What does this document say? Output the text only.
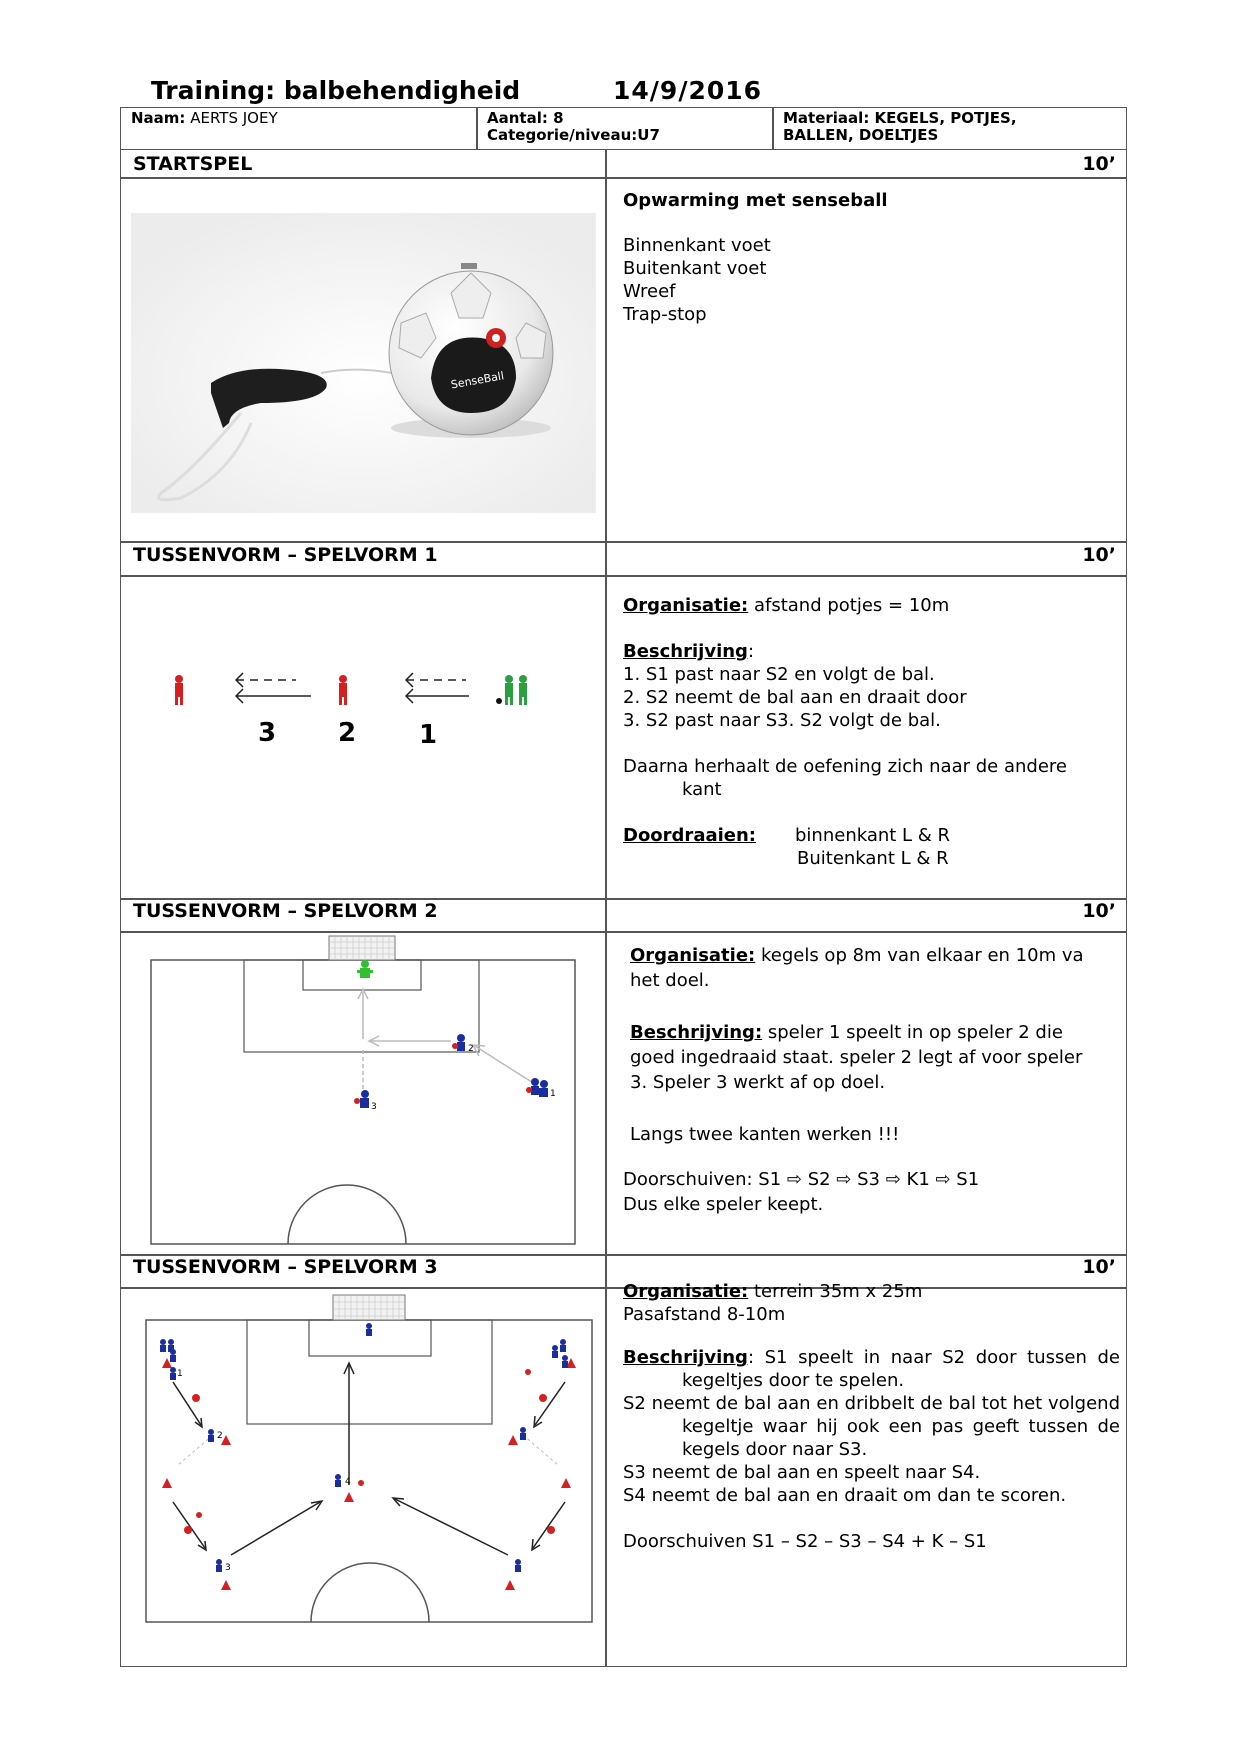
Training: balbehendigheid	14/9/2016
Naam: AERTS JOEY	Aantal: 8
Categorie/niveau:U7
Materiaal: KEGELS, POTJES,
BALLEN, DOELTJES
STARTSPEL	10’
SenseBall

Opwarming met senseball

Binnenkant voet

Buitenkant voet

Wreef

Trap-stop

TUSSENVORM – SPELVORM 1	10’
3 2 1

Organisatie: afstand potjes = 10m

Beschrijving:

1. S1 past naar S2 en volgt de bal.

2. S2 neemt de bal aan en draait door

3. S2 past naar S3. S2 volgt de bal.

Daarna herhaalt de oefening zich naar de andere

kant

Doordraaien: binnenkant L & R

Buitenkant L & R

TUSSENVORM – SPELVORM 2	10’
2
3
1

Organisatie: kegels op 8m van elkaar en 10m va het doel.

Beschrijving: speler 1 speelt in op speler 2 die goed ingedraaid staat. speler 2 legt af voor speler 3. Speler 3 werkt af op doel.

Langs twee kanten werken !!!

Doorschuiven: S1 ⇨ S2 ⇨ S3 ⇨ K1 ⇨ S1

Dus elke speler keept.

TUSSENVORM – SPELVORM 3	10’
1
2
3
4

Organisatie: terrein 35m x 25m

Pasafstand 8-10m

Beschrijving: S1 speelt in naar S2 door tussen de kegeltjes door te spelen.

S2 neemt de bal aan en dribbelt de bal tot het volgend kegeltje waar hij ook een pas geeft tussen de kegels door naar S3.

S3 neemt de bal aan en speelt naar S4.

S4 neemt de bal aan en draait om dan te scoren.

Doorschuiven S1 – S2 – S3 – S4 + K – S1
